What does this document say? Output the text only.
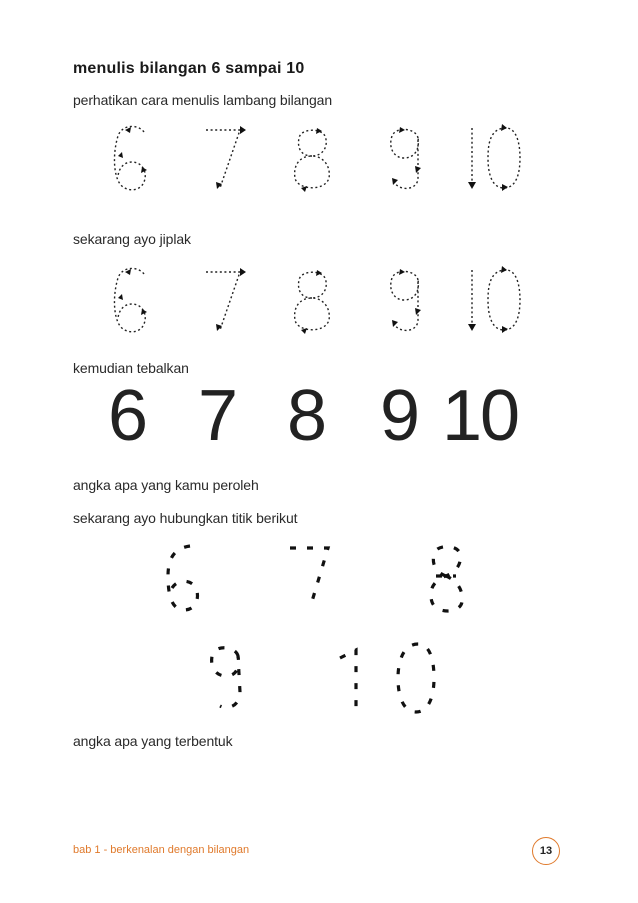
menulis bilangan 6 sampai 10
perhatikan cara menulis lambang bilangan
sekarang ayo jiplak
kemudian tebalkan
6 7 8 9 10
angka apa yang kamu peroleh
sekarang ayo hubungkan titik berikut
angka apa yang terbentuk
bab 1 - berkenalan dengan bilangan	13
